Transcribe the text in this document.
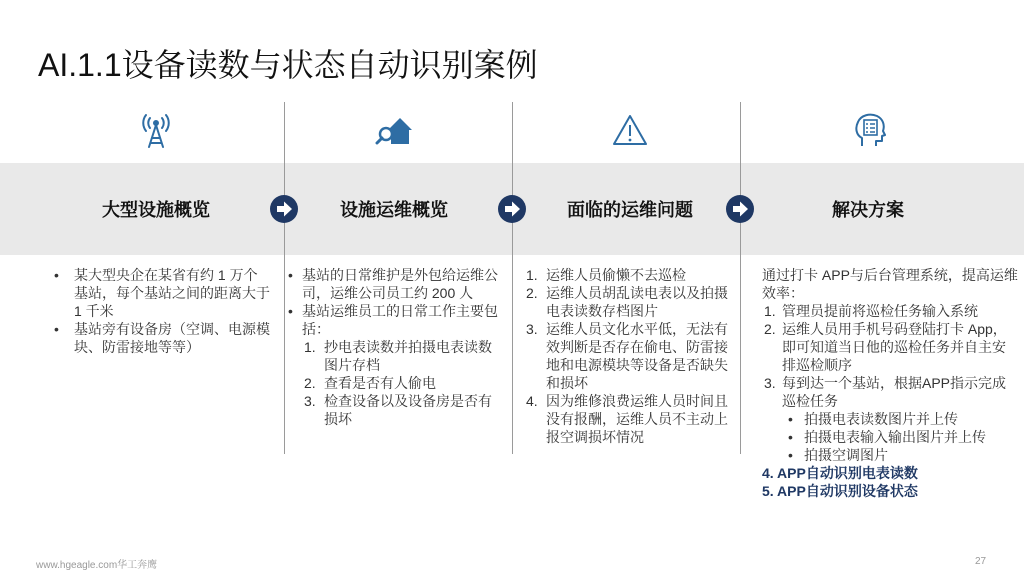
AI.1.1设备读数与状态自动识别案例
大型设施概览	设施运维概览	面临的运维问题	解决方案
• 某大型央企在某省有约 1 万个基站，每个基站之间的距离大于 1 千米
• 基站旁有设备房（空调、电源模块、防雷接地等等）
• 基站的日常维护是外包给运维公司，运维公司员工约 200 人
• 基站运维员工的日常工作主要包括：
1. 抄电表读数并拍摄电表读数图片存档
2. 查看是否有人偷电
3. 检查设备以及设备房是否有损坏
1. 运维人员偷懒不去巡检
2. 运维人员胡乱读电表以及拍摄电表读数存档图片
3. 运维人员文化水平低，无法有效判断是否存在偷电、防雷接地和电源模块等设备是否缺失和损坏
4. 因为维修浪费运维人员时间且没有报酬，运维人员不主动上报空调损坏情况
通过打卡 APP与后台管理系统，提高运维效率：
1. 管理员提前将巡检任务输入系统
2. 运维人员用手机号码登陆打卡 App，即可知道当日他的巡检任务并自主安排巡检顺序
3. 每到达一个基站，根据APP指示完成巡检任务
• 拍摄电表读数图片并上传
• 拍摄电表输入输出图片并上传
• 拍摄空调图片
4. APP自动识别电表读数
5. APP自动识别设备状态
www.hgeagle.com华工奔鹰	27
